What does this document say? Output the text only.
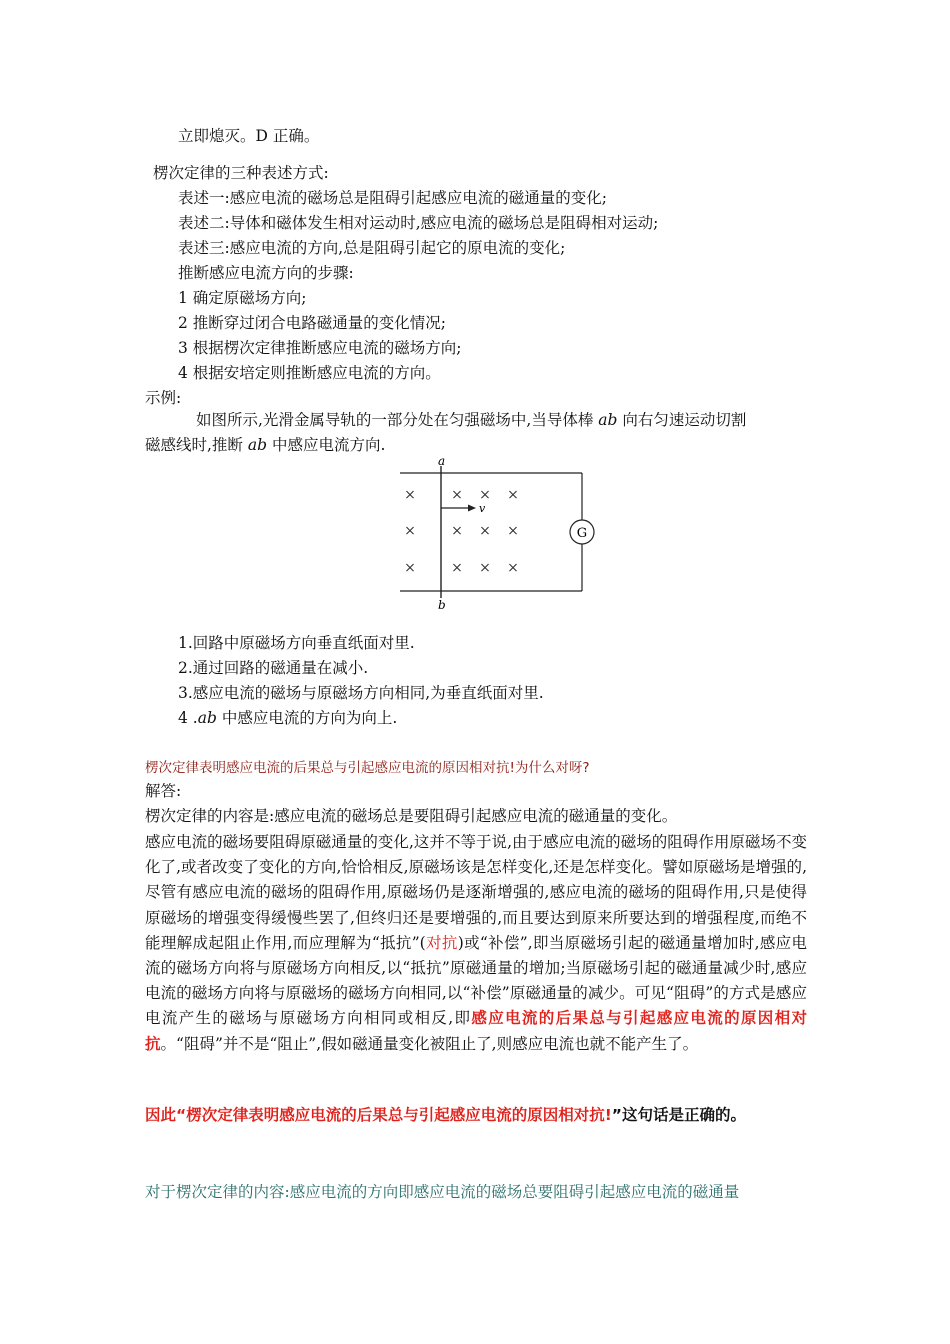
立即熄灭。D 正确。
楞次定律的三种表述方式:
表述一:感应电流的磁场总是阻碍引起感应电流的磁通量的变化;
表述二:导体和磁体发生相对运动时,感应电流的磁场总是阻碍相对运动;
表述三:感应电流的方向,总是阻碍引起它的原电流的变化;
推断感应电流方向的步骤:
1 确定原磁场方向;
2 推断穿过闭合电路磁通量的变化情况;
3 根据楞次定律推断感应电流的磁场方向;
4 根据安培定则推断感应电流的方向。
示例:
如图所示,光滑金属导轨的一部分处在匀强磁场中,当导体棒 ab 向右匀速运动切割
磁感线时,推断 ab 中感应电流方向.
G
a
b
v
×	× × ×
×	× × ×
×	× × ×
1.回路中原磁场方向垂直纸面对里.
2.通过回路的磁通量在减小.
3.感应电流的磁场与原磁场方向相同,为垂直纸面对里.
4 .ab 中感应电流的方向为向上.
楞次定律表明感应电流的后果总与引起感应电流的原因相对抗!为什么对呀?
解答:
楞次定律的内容是:感应电流的磁场总是要阻碍引起感应电流的磁通量的变化。
感应电流的磁场要阻碍原磁通量的变化,这并不等于说,由于感应电流的磁场的阻碍作用原磁场不变化了,或者改变了变化的方向,恰恰相反,原磁场该是怎样变化,还是怎样变化。譬如原磁场是增强的,尽管有感应电流的磁场的阻碍作用,原磁场仍是逐渐增强的,感应电流的磁场的阻碍作用,只是使得原磁场的增强变得缓慢些罢了,但终归还是要增强的,而且要达到原来所要达到的增强程度,而绝不能理解成起阻止作用,而应理解为“抵抗”(对抗)或“补偿”,即当原磁场引起的磁通量增加时,感应电流的磁场方向将与原磁场方向相反,以“抵抗”原磁通量的增加;当原磁场引起的磁通量减少时,感应电流的磁场方向将与原磁场的磁场方向相同,以“补偿”原磁通量的减少。可见“阻碍”的方式是感应电流产生的磁场与原磁场方向相同或相反,即感应电流的后果总与引起感应电流的原因相对抗。“阻碍”并不是“阻止”,假如磁通量变化被阻止了,则感应电流也就不能产生了。
因此“楞次定律表明感应电流的后果总与引起感应电流的原因相对抗!”这句话是正确的。
对于楞次定律的内容:感应电流的方向即感应电流的磁场总要阻碍引起感应电流的磁通量
